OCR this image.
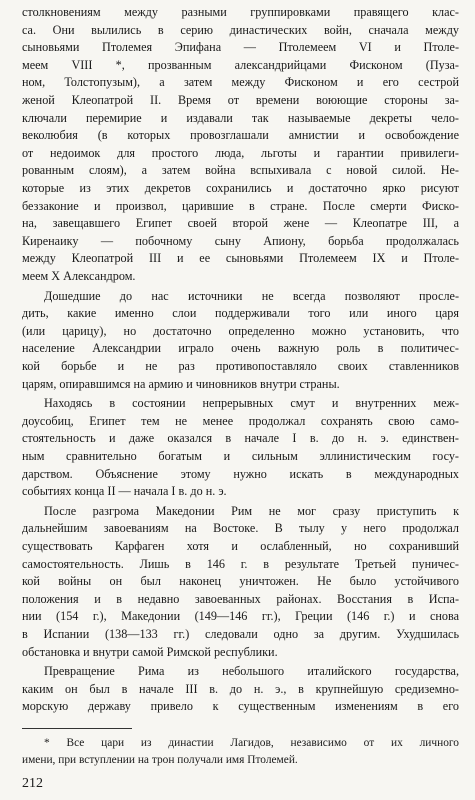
столкновениям между разными группировками правящего клас-
са. Они вылились в серию династических войн, сначала между
сыновьями Птолемея Эпифана — Птолемеем VI и Птоле-
меем VIII *, прозванным александрийцами Фисконом (Пуза-
ном, Толстопузым), а затем между Фисконом и его сестрой
женой Клеопатрой II. Время от времени воюющие стороны за-
ключали перемирие и издавали так называемые декреты чело-
веколюбия (в которых провозглашали амнистии и освобождение
от недоимок для простого люда, льготы и гарантии привилеги-
рованным слоям), а затем война вспыхивала с новой силой. Не-
которые из этих декретов сохранились и достаточно ярко рисуют
беззаконие и произвол, царившие в стране. После смерти Фиско-
на, завещавшего Египет своей второй жене — Клеопатре III, а
Киренаику — побочному сыну Апиону, борьба продолжалась
между Клеопатрой III и ее сыновьями Птолемеем IX и Птоле-
меем X Александром.
Дошедшие до нас источники не всегда позволяют просле-
дить, какие именно слои поддерживали того или иного царя
(или царицу), но достаточно определенно можно установить, что
население Александрии играло очень важную роль в политичес-
кой борьбе и не раз противопоставляло своих ставленников
царям, опиравшимся на армию и чиновников внутри страны.
Находясь в состоянии непрерывных смут и внутренних меж-
доусобиц, Египет тем не менее продолжал сохранять свою само-
стоятельность и даже оказался в начале I в. до н. э. единствен-
ным сравнительно богатым и сильным эллинистическим госу-
дарством. Объяснение этому нужно искать в международных
событиях конца II — начала I в. до н. э.
После разгрома Македонии Рим не мог сразу приступить к
дальнейшим завоеваниям на Востоке. В тылу у него продолжал
существовать Карфаген хотя и ослабленный, но сохранивший
самостоятельность. Лишь в 146 г. в результате Третьей пуничес-
кой войны он был наконец уничтожен. Не было устойчивого
положения и в недавно завоеванных районах. Восстания в Испа-
нии (154 г.), Македонии (149—146 гг.), Греции (146 г.) и снова
в Испании (138—133 гг.) следовали одно за другим. Ухудшилась
обстановка и внутри самой Римской республики.
Превращение Рима из небольшого италийского государства,
каким он был в начале III в. до н. э., в крупнейшую средиземно-
морскую державу привело к существенным изменениям в его
* Все цари из династии Лагидов, независимо от их личного
имени, при вступлении на трон получали имя Птолемей.
212
